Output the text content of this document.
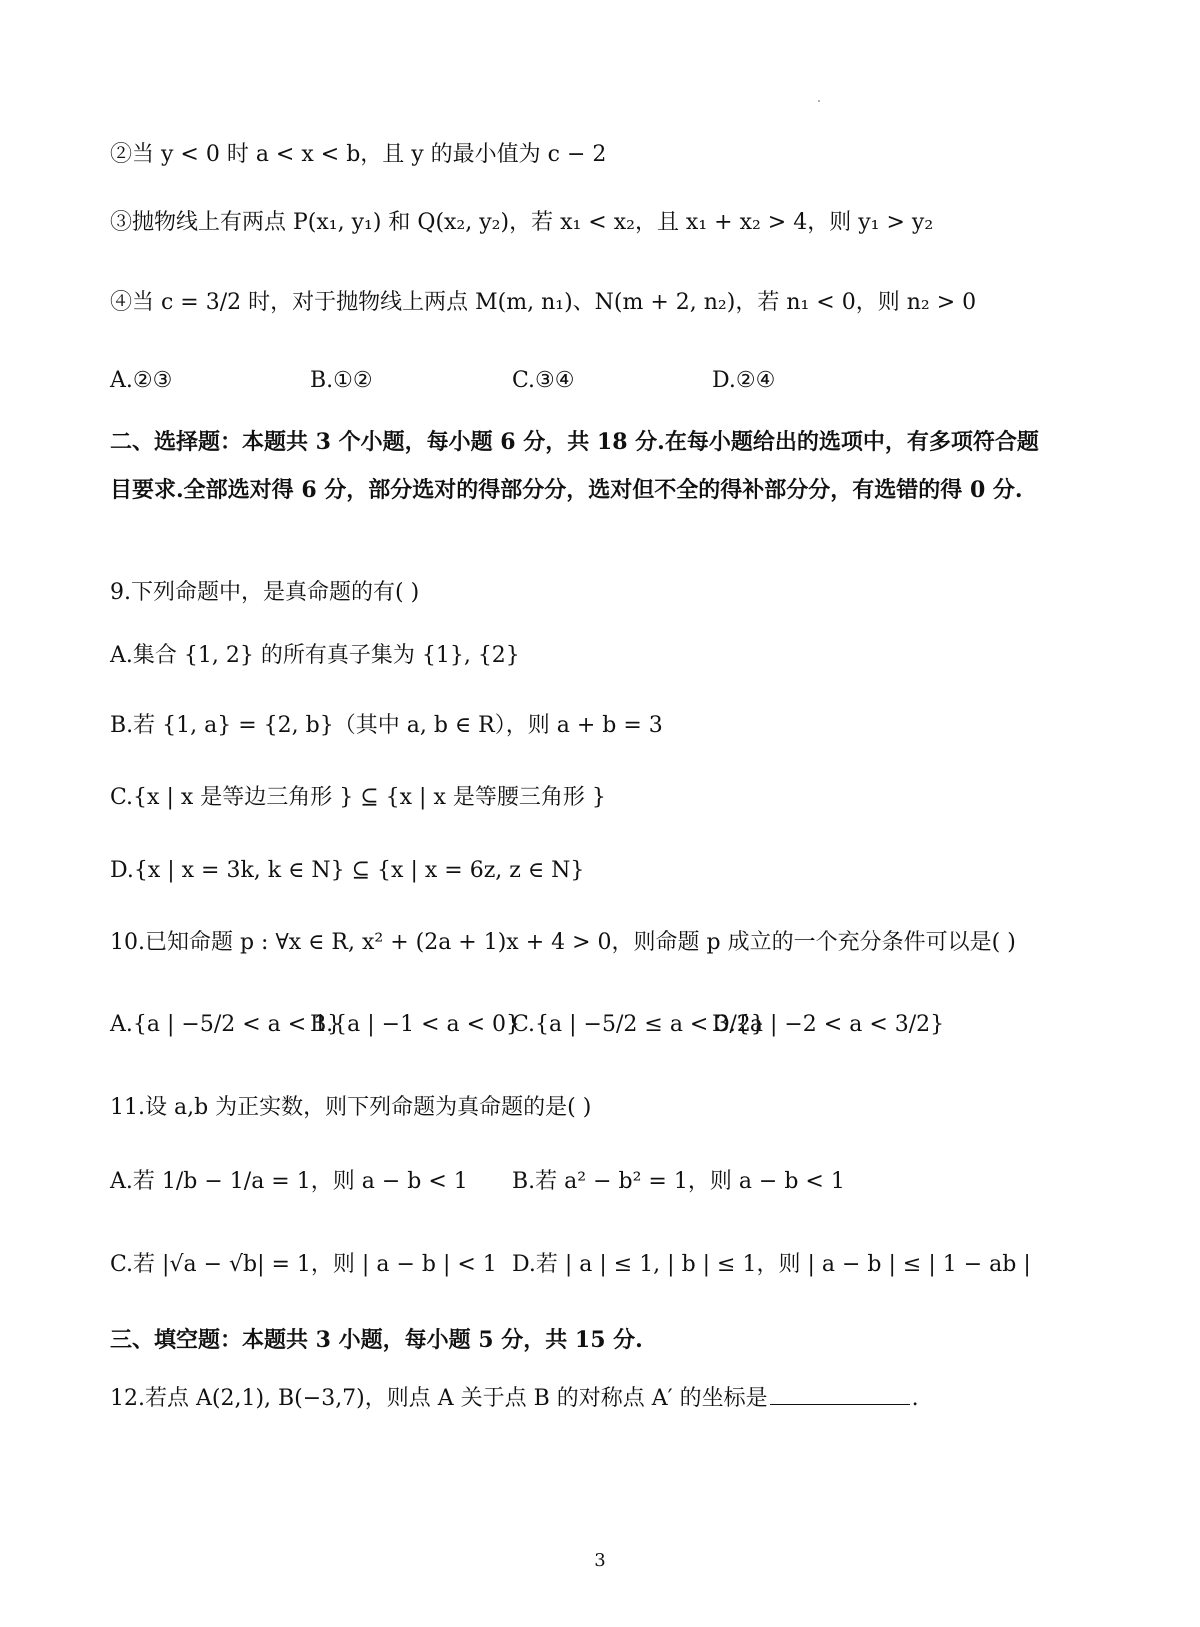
②当 y < 0 时 a < x < b，且 y 的最小值为 c − 2
③抛物线上有两点 P(x₁, y₁) 和 Q(x₂, y₂)，若 x₁ < x₂，且 x₁ + x₂ > 4，则 y₁ > y₂
④当 c = 3/2 时，对于抛物线上两点 M(m, n₁)、N(m + 2, n₂)，若 n₁ < 0，则 n₂ > 0
A.②③	B.①②	C.③④	D.②④
二、选择题：本题共 3 个小题，每小题 6 分，共 18 分.在每小题给出的选项中，有多项符合题目要求.全部选对得 6 分，部分选对的得部分分，选对但不全的得补部分分，有选错的得 0 分.
9.下列命题中，是真命题的有( )
A.集合 {1, 2} 的所有真子集为 {1}, {2}
B.若 {1, a} = {2, b}（其中 a, b ∈ R），则 a + b = 3
C.{x | x 是等边三角形 } ⊆ {x | x 是等腰三角形 }
D.{x | x = 3k, k ∈ N} ⊆ {x | x = 6z, z ∈ N}
10.已知命题 p : ∀x ∈ R, x² + (2a + 1)x + 4 > 0，则命题 p 成立的一个充分条件可以是( )
A.{a | −5/2 < a < 1}
B.{a | −1 < a < 0}
C.{a | −5/2 ≤ a < 3/2}
D.{a | −2 < a < 3/2}
11.设 a,b 为正实数，则下列命题为真命题的是( )
A.若 1/b − 1/a = 1，则 a − b < 1 B.若 a² − b² = 1，则 a − b < 1
C.若 |√a − √b| = 1，则 | a − b | < 1 D.若 | a | ≤ 1, | b | ≤ 1，则 | a − b | ≤ | 1 − ab |
三、填空题：本题共 3 小题，每小题 5 分，共 15 分.
12.若点 A(2,1), B(−3,7)，则点 A 关于点 B 的对称点 A′ 的坐标是	.
3
